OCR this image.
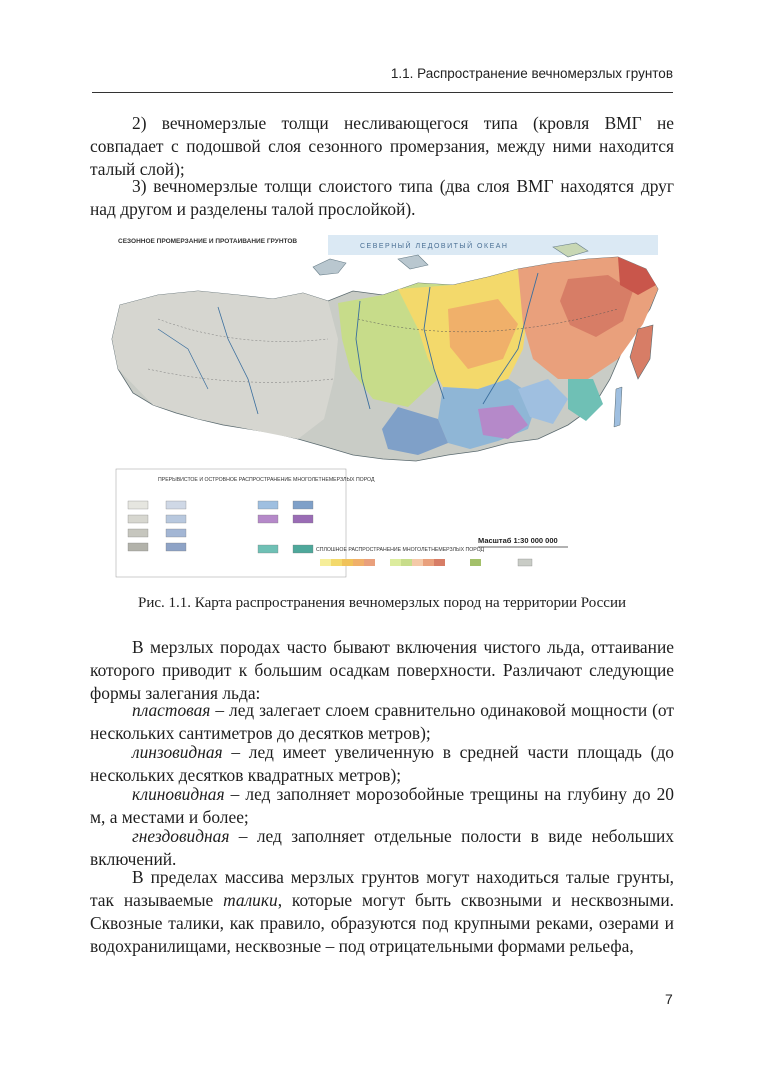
1.1. Распространение вечномерзлых грунтов

2) вечномерзлые толщи несливающегося типа (кровля ВМГ не совпадает с подошвой слоя сезонного промерзания, между ними находится талый слой);

3) вечномерзлые толщи слоистого типа (два слоя ВМГ находятся друг над другом и разделены талой прослойкой).

СЕЗОННОЕ ПРОМЕРЗАНИЕ И ПРОТАИВАНИЕ ГРУНТОВ
СЕВЕРНЫЙ ЛЕДОВИТЫЙ ОКЕАН
ПРЕРЫВИСТОЕ И ОСТРОВНОЕ РАСПРОСТРАНЕНИЕ МНОГОЛЕТНЕМЕРЗЛЫХ ПОРОД
Масштаб 1:30 000 000
СПЛОШНОЕ РАСПРОСТРАНЕНИЕ МНОГОЛЕТНЕМЕРЗЛЫХ ПОРОД
Рис. 1.1. Карта распространения вечномерзлых пород на территории России

В мерзлых породах часто бывают включения чистого льда, оттаивание которого приводит к большим осадкам поверхности. Различают следующие формы залегания льда:

пластовая – лед залегает слоем сравнительно одинаковой мощности (от нескольких сантиметров до десятков метров);

линзовидная – лед имеет увеличенную в средней части площадь (до нескольких десятков квадратных метров);

клиновидная – лед заполняет морозобойные трещины на глубину до 20 м, а местами и более;

гнездовидная – лед заполняет отдельные полости в виде небольших включений.

В пределах массива мерзлых грунтов могут находиться талые грунты, так называемые талики, которые могут быть сквозными и несквозными. Сквозные талики, как правило, образуются под крупными реками, озерами и водохранилищами, несквозные – под отрицательными формами рельефа,

7
